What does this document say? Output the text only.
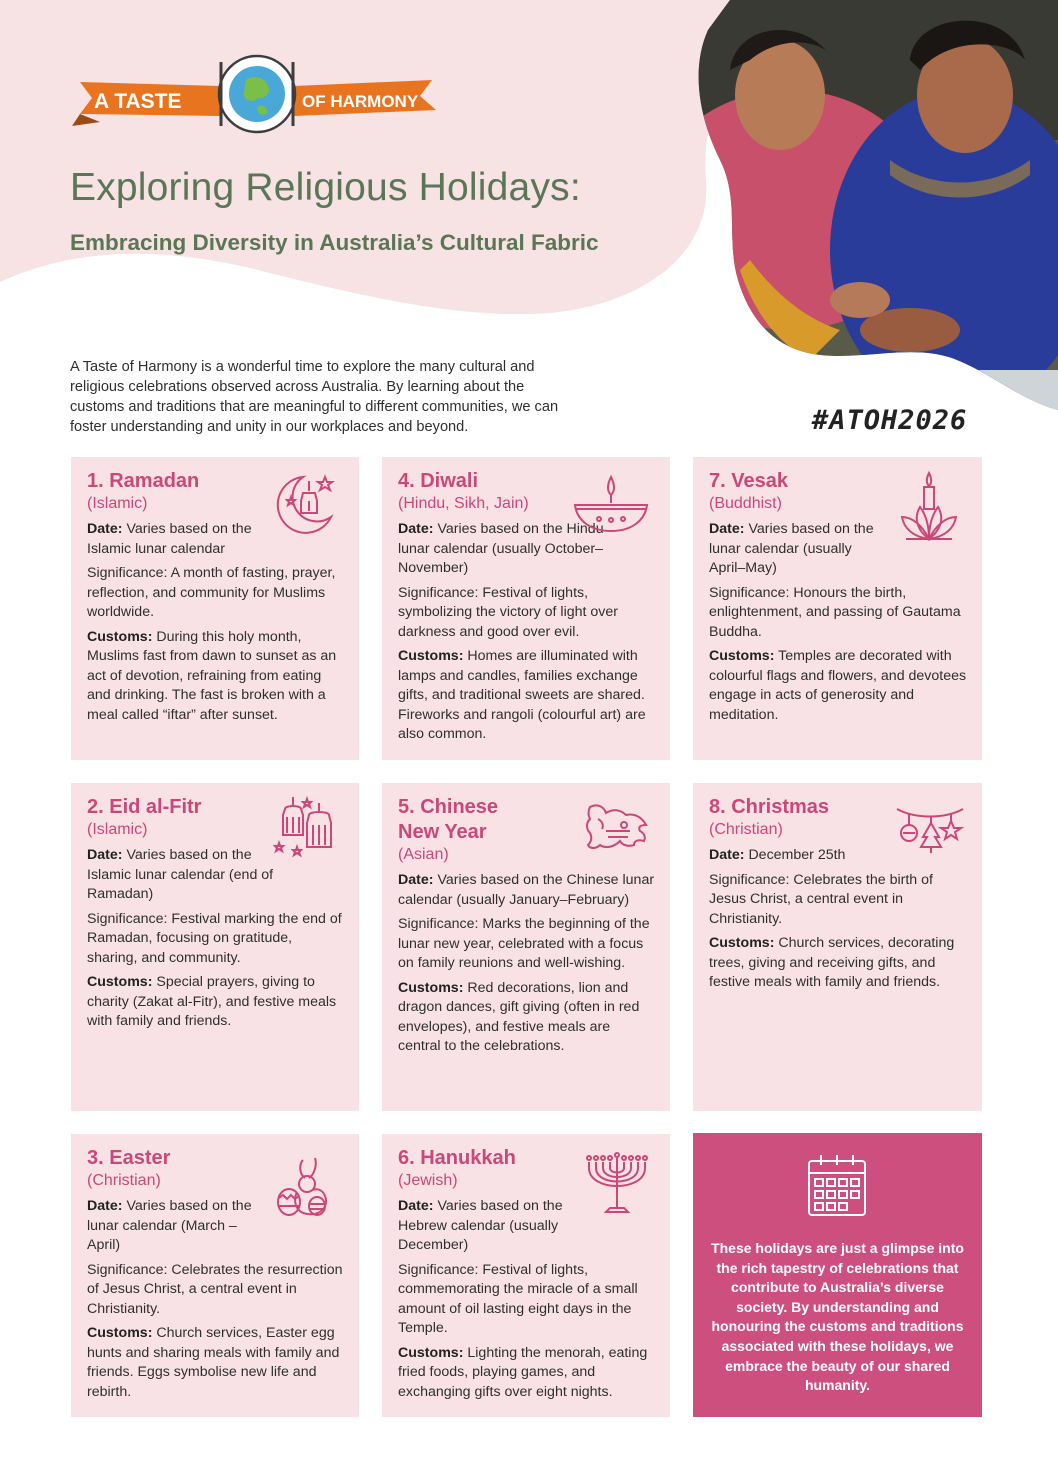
A TASTE	OF HARMONY
Exploring Religious Holidays:
Embracing Diversity in Australia’s Cultural Fabric

A Taste of Harmony is a wonderful time to explore the many cultural and religious celebrations observed across Australia. By learning about the customs and traditions that are meaningful to different communities, we can foster understanding and unity in our workplaces and beyond.	#ATOH2026
1. Ramadan
(Islamic)

Date: Varies based on the Islamic lunar calendar

Significance: A month of fasting, prayer, reflection, and community for Muslims worldwide.

Customs: During this holy month, Muslims fast from dawn to sunset as an act of devotion, refraining from eating and drinking. The fast is broken with a meal called “iftar” after sunset.

4. Diwali
(Hindu, Sikh, Jain)

Date: Varies based on the Hindu lunar calendar (usually October–November)

Significance: Festival of lights, symbolizing the victory of light over darkness and good over evil.

Customs: Homes are illuminated with lamps and candles, families exchange gifts, and traditional sweets are shared. Fireworks and rangoli (colourful art) are also common.

7. Vesak
(Buddhist)

Date: Varies based on the lunar calendar (usually April–May)

Significance: Honours the birth, enlightenment, and passing of Gautama Buddha.

Customs: Temples are decorated with colourful flags and flowers, and devotees engage in acts of generosity and meditation.

2. Eid al-Fitr
(Islamic)

Date: Varies based on the Islamic lunar calendar (end of Ramadan)

Significance: Festival marking the end of Ramadan, focusing on gratitude, sharing, and community.

Customs: Special prayers, giving to charity (Zakat al-Fitr), and festive meals with family and friends.

5. Chinese
New Year
(Asian)

Date: Varies based on the Chinese lunar calendar (usually January–February)

Significance: Marks the beginning of the lunar new year, celebrated with a focus on family reunions and well-wishing.

Customs: Red decorations, lion and dragon dances, gift giving (often in red envelopes), and festive meals are central to the celebrations.

8. Christmas
(Christian)

Date: December 25th

Significance: Celebrates the birth of Jesus Christ, a central event in Christianity.

Customs: Church services, decorating trees, giving and receiving gifts, and festive meals with family and friends.

3. Easter
(Christian)

Date: Varies based on the lunar calendar (March – April)

Significance: Celebrates the resurrection of Jesus Christ, a central event in Christianity.

Customs: Church services, Easter egg hunts and sharing meals with family and friends. Eggs symbolise new life and rebirth.

6. Hanukkah
(Jewish)

Date: Varies based on the Hebrew calendar (usually December)

Significance: Festival of lights, commemorating the miracle of a small amount of oil lasting eight days in the Temple.

Customs: Lighting the menorah, eating fried foods, playing games, and exchanging gifts over eight nights.

These holidays are just a glimpse into the rich tapestry of celebrations that contribute to Australia’s diverse society. By understanding and honouring the customs and traditions associated with these holidays, we embrace the beauty of our shared humanity.
